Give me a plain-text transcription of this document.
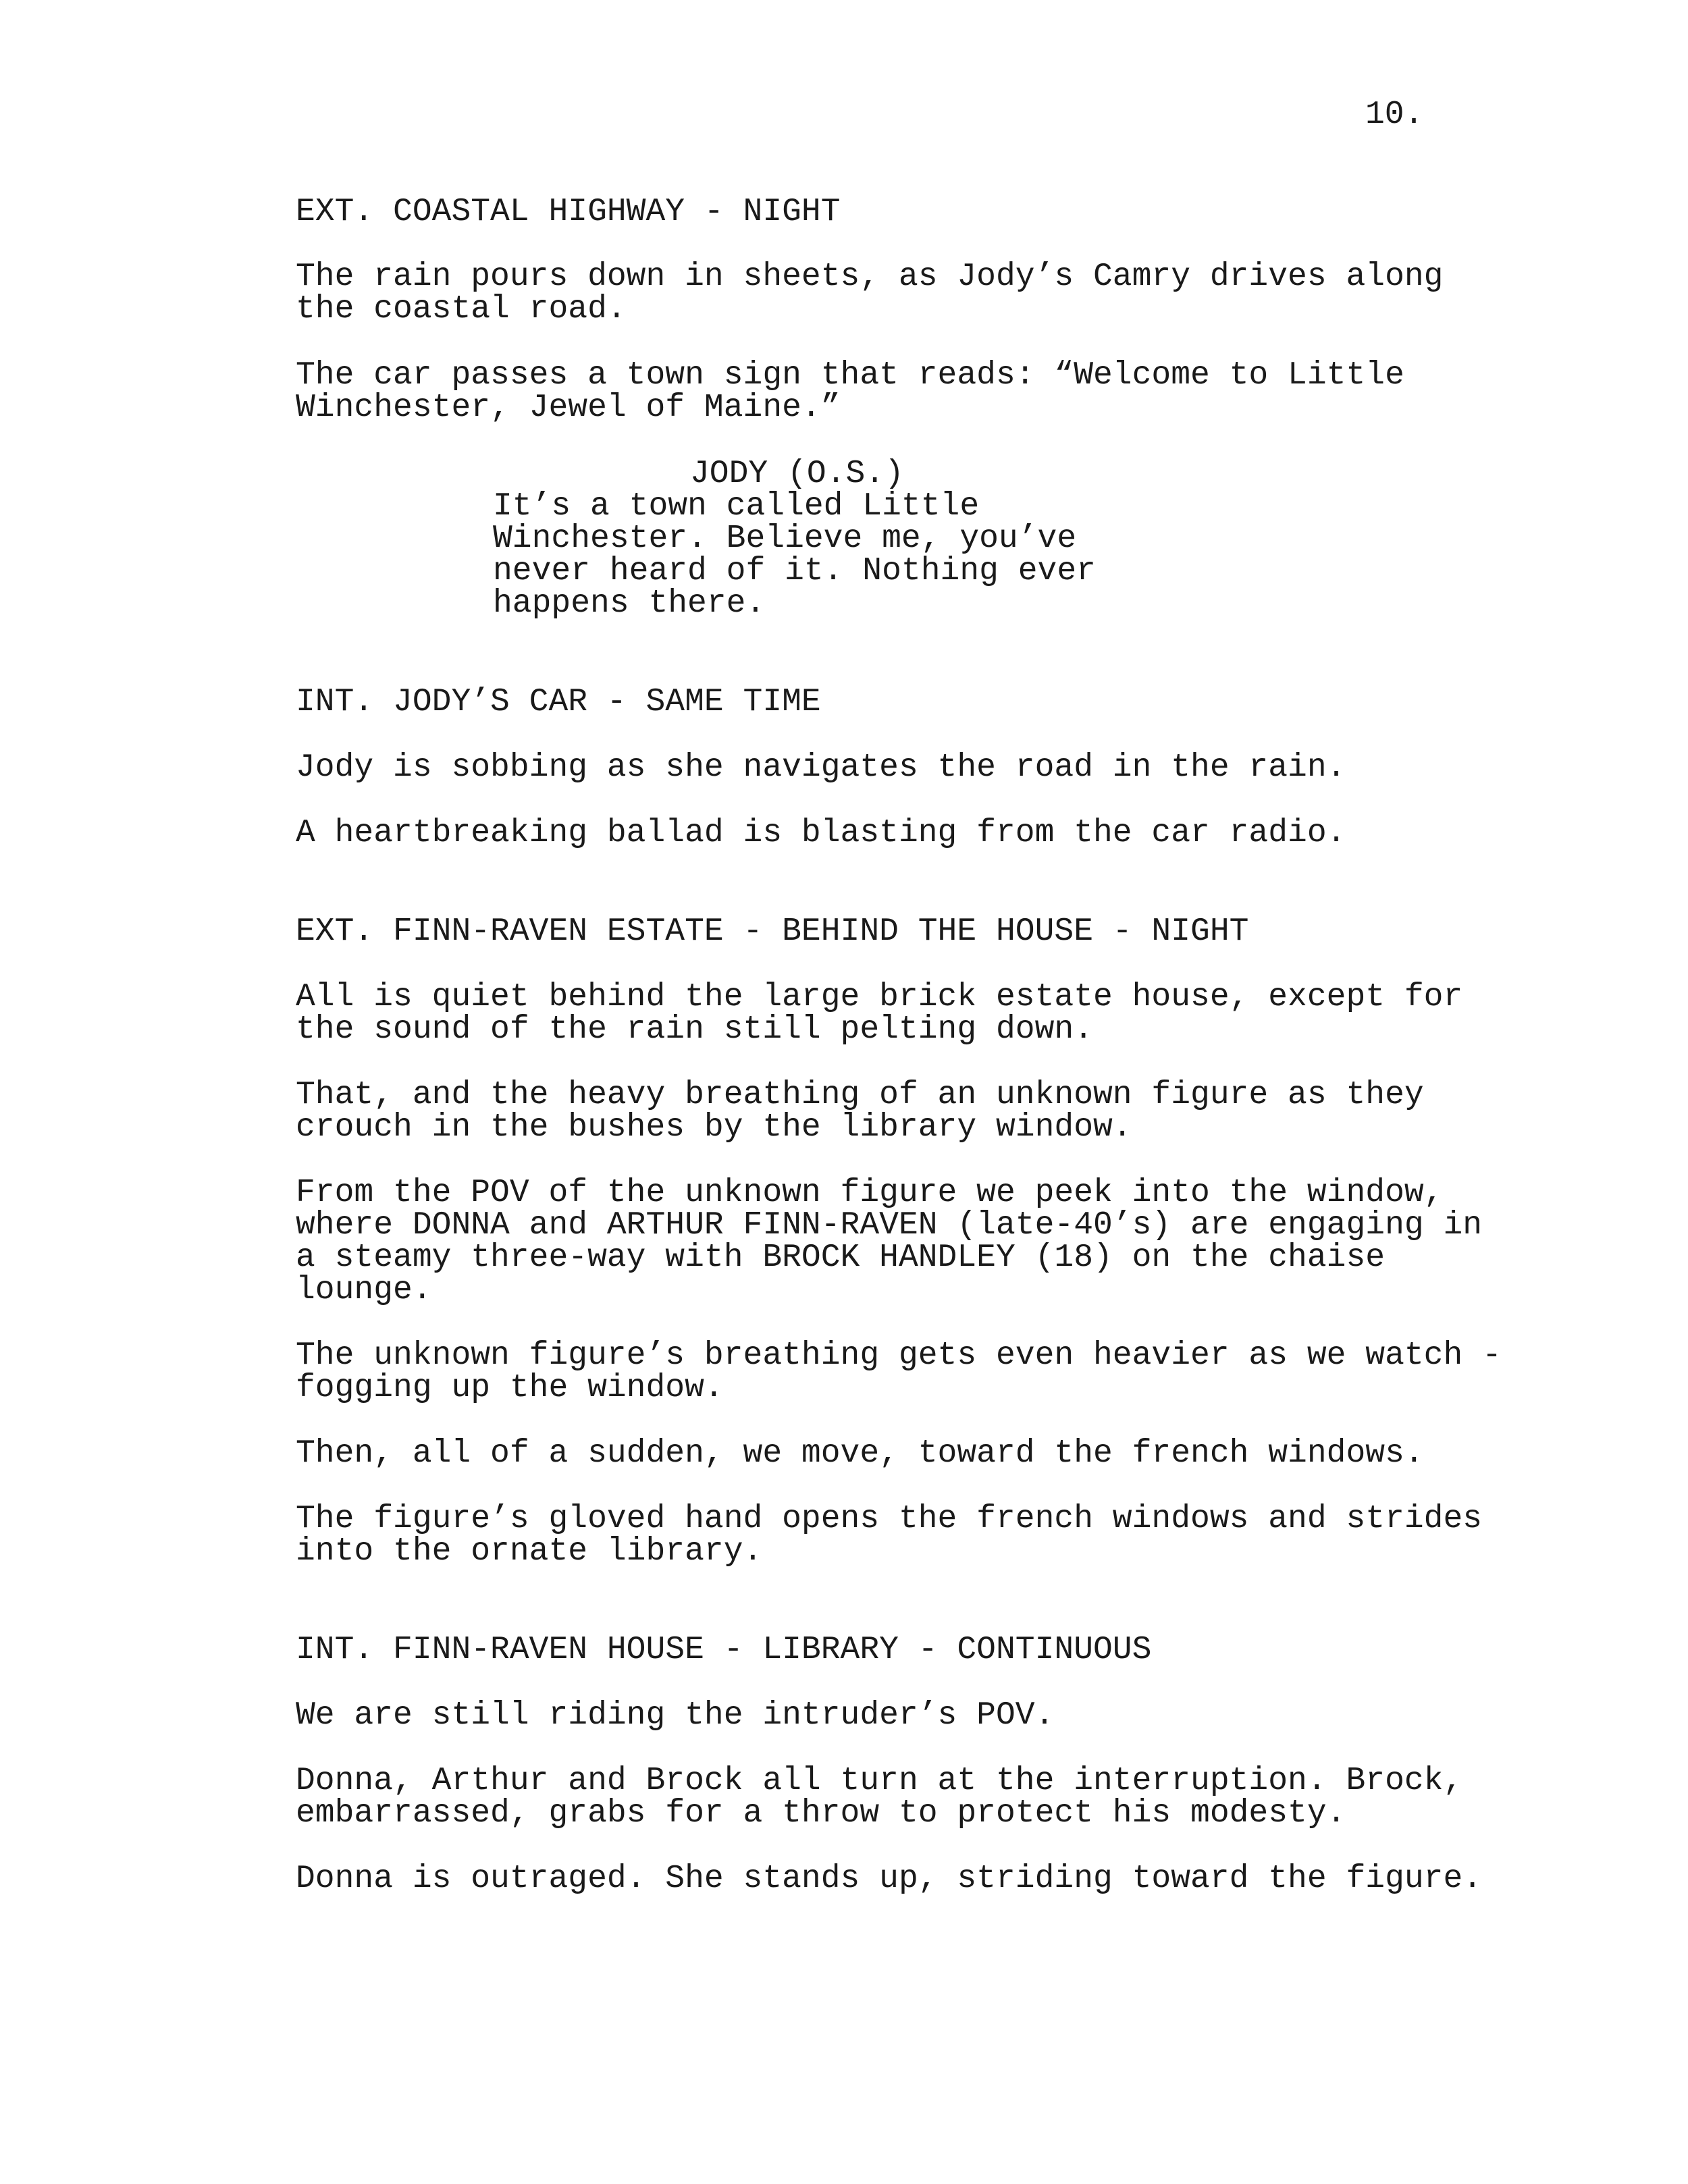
10.
EXT. COASTAL HIGHWAY - NIGHT
The rain pours down in sheets, as Jody’s Camry drives along
the coastal road.
The car passes a town sign that reads: “Welcome to Little
Winchester, Jewel of Maine.”
JODY (O.S.)
It’s a town called Little
Winchester. Believe me, you’ve
never heard of it. Nothing ever
happens there.
INT. JODY’S CAR - SAME TIME
Jody is sobbing as she navigates the road in the rain.
A heartbreaking ballad is blasting from the car radio.
EXT. FINN-RAVEN ESTATE - BEHIND THE HOUSE - NIGHT
All is quiet behind the large brick estate house, except for
the sound of the rain still pelting down.
That, and the heavy breathing of an unknown figure as they
crouch in the bushes by the library window.
From the POV of the unknown figure we peek into the window,
where DONNA and ARTHUR FINN-RAVEN (late-40’s) are engaging in
a steamy three-way with BROCK HANDLEY (18) on the chaise
lounge.
The unknown figure’s breathing gets even heavier as we watch -
fogging up the window.
Then, all of a sudden, we move, toward the french windows.
The figure’s gloved hand opens the french windows and strides
into the ornate library.
INT. FINN-RAVEN HOUSE - LIBRARY - CONTINUOUS
We are still riding the intruder’s POV.
Donna, Arthur and Brock all turn at the interruption. Brock,
embarrassed, grabs for a throw to protect his modesty.
Donna is outraged. She stands up, striding toward the figure.
